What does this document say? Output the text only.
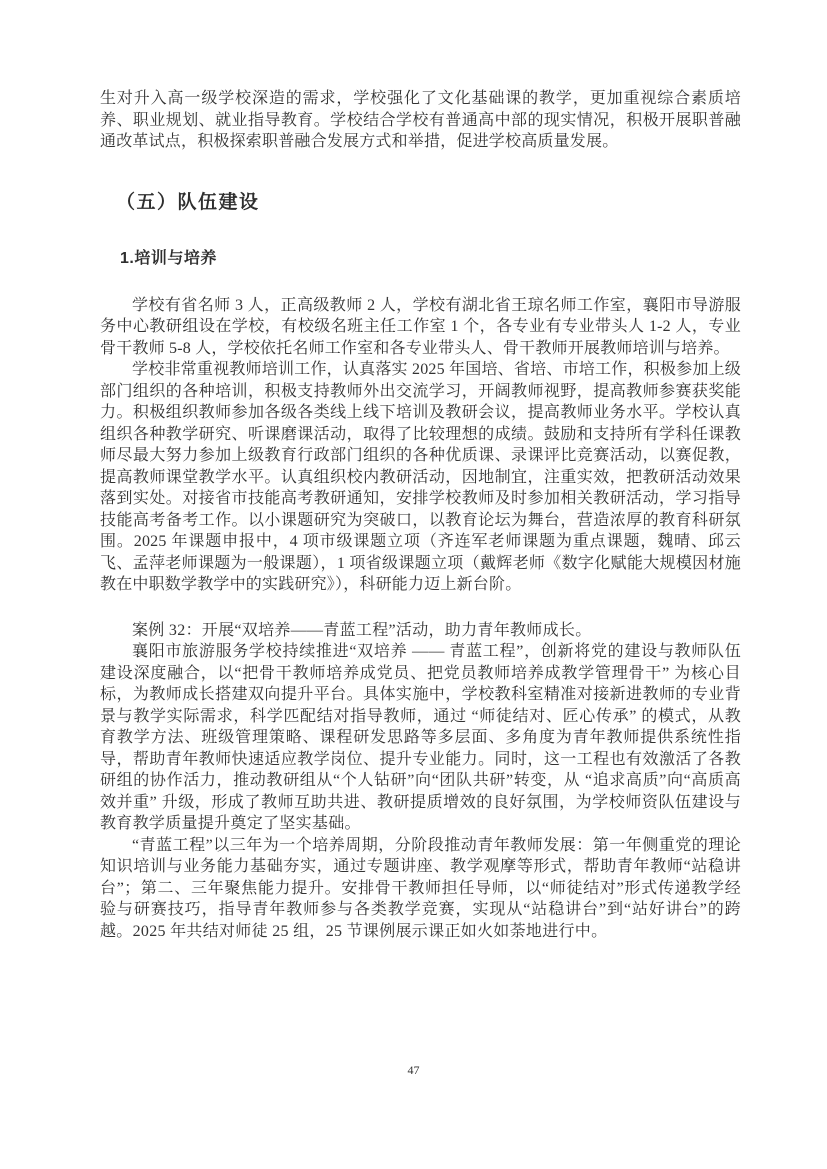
生对升入高一级学校深造的需求，学校强化了文化基础课的教学，更加重视综合素质培养、职业规划、就业指导教育。学校结合学校有普通高中部的现实情况，积极开展职普融通改革试点，积极探索职普融合发展方式和举措，促进学校高质量发展。

（五）队伍建设
1.培训与培养

学校有省名师 3 人，正高级教师 2 人，学校有湖北省王琼名师工作室，襄阳市导游服务中心教研组设在学校，有校级名班主任工作室 1 个，各专业有专业带头人 1-2 人，专业骨干教师 5-8 人，学校依托名师工作室和各专业带头人、骨干教师开展教师培训与培养。

学校非常重视教师培训工作，认真落实 2025 年国培、省培、市培工作，积极参加上级部门组织的各种培训，积极支持教师外出交流学习，开阔教师视野，提高教师参赛获奖能力。积极组织教师参加各级各类线上线下培训及教研会议，提高教师业务水平。学校认真组织各种教学研究、听课磨课活动，取得了比较理想的成绩。鼓励和支持所有学科任课教师尽最大努力参加上级教育行政部门组织的各种优质课、录课评比竞赛活动，以赛促教，提高教师课堂教学水平。认真组织校内教研活动，因地制宜，注重实效，把教研活动效果落到实处。对接省市技能高考教研通知，安排学校教师及时参加相关教研活动，学习指导技能高考备考工作。以小课题研究为突破口，以教育论坛为舞台，营造浓厚的教育科研氛围。2025 年课题申报中，4 项市级课题立项（齐连军老师课题为重点课题，魏晴、邱云飞、孟萍老师课题为一般课题），1 项省级课题立项（戴辉老师《数字化赋能大规模因材施教在中职数学教学中的实践研究》），科研能力迈上新台阶。

案例 32：开展“双培养——青蓝工程”活动，助力青年教师成长。

襄阳市旅游服务学校持续推进“双培养 —— 青蓝工程”，创新将党的建设与教师队伍建设深度融合，以“把骨干教师培养成党员、把党员教师培养成教学管理骨干” 为核心目标，为教师成长搭建双向提升平台。具体实施中，学校教科室精准对接新进教师的专业背景与教学实际需求，科学匹配结对指导教师，通过 “师徒结对、匠心传承” 的模式，从教育教学方法、班级管理策略、课程研发思路等多层面、多角度为青年教师提供系统性指导，帮助青年教师快速适应教学岗位、提升专业能力。同时，这一工程也有效激活了各教研组的协作活力，推动教研组从“个人钻研”向“团队共研”转变，从 “追求高质”向“高质高效并重” 升级，形成了教师互助共进、教研提质增效的良好氛围，为学校师资队伍建设与教育教学质量提升奠定了坚实基础。

“青蓝工程”以三年为一个培养周期，分阶段推动青年教师发展：第一年侧重党的理论知识培训与业务能力基础夯实，通过专题讲座、教学观摩等形式，帮助青年教师“站稳讲台”；第二、三年聚焦能力提升。安排骨干教师担任导师，以“师徒结对”形式传递教学经验与研赛技巧，指导青年教师参与各类教学竞赛，实现从“站稳讲台”到“站好讲台”的跨越。2025 年共结对师徒 25 组，25 节课例展示课正如火如荼地进行中。

47
